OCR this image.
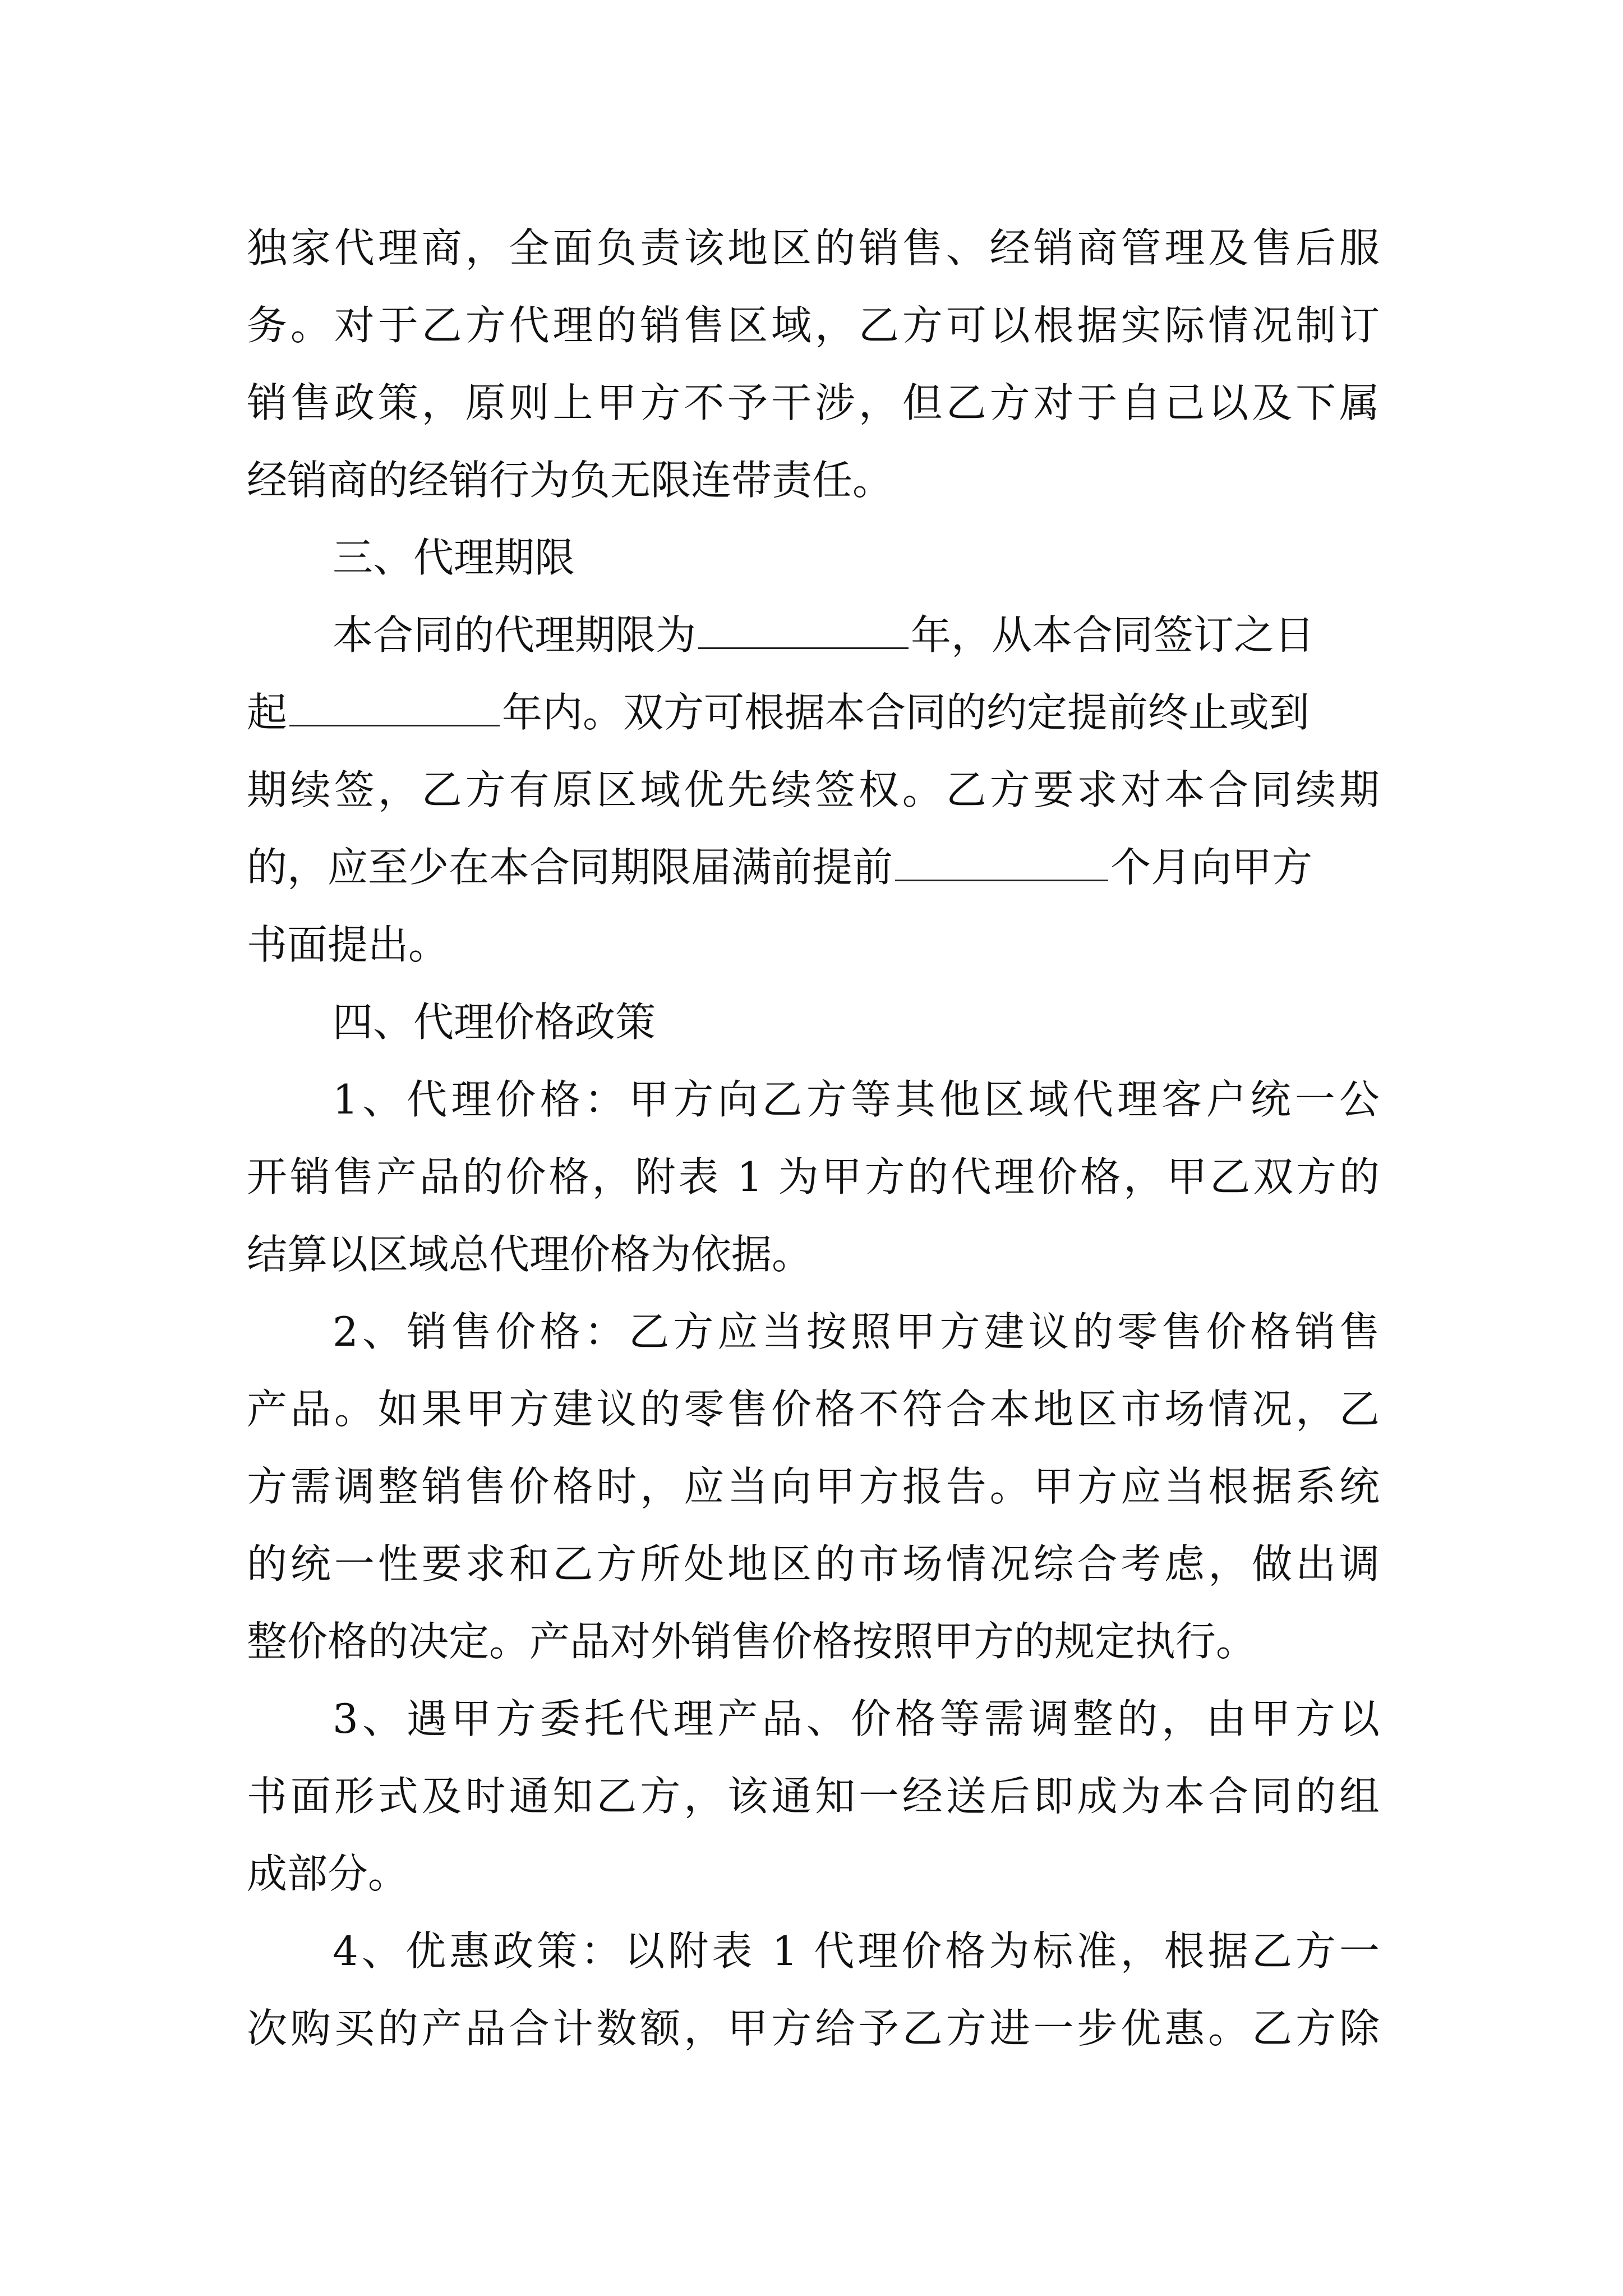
独家代理商，全面负责该地区的销售、经销商管理及售后服
务。对于乙方代理的销售区域，乙方可以根据实际情况制订
销售政策，原则上甲方不予干涉，但乙方对于自己以及下属
经销商的经销行为负无限连带责任。
三、代理期限
本合同的代理期限为	年，从本合同签订之日
起	年内。双方可根据本合同的约定提前终止或到
期续签，乙方有原区域优先续签权。乙方要求对本合同续期
的，应至少在本合同期限届满前提前	个月向甲方
书面提出。
四、代理价格政策
1、代理价格：甲方向乙方等其他区域代理客户统一公
开销售产品的价格，附表 1 为甲方的代理价格，甲乙双方的
结算以区域总代理价格为依据。
2、销售价格：乙方应当按照甲方建议的零售价格销售
产品。如果甲方建议的零售价格不符合本地区市场情况，乙
方需调整销售价格时，应当向甲方报告。甲方应当根据系统
的统一性要求和乙方所处地区的市场情况综合考虑，做出调
整价格的决定。产品对外销售价格按照甲方的规定执行。
3、遇甲方委托代理产品、价格等需调整的，由甲方以
书面形式及时通知乙方，该通知一经送后即成为本合同的组
成部分。
4、优惠政策：以附表 1 代理价格为标准，根据乙方一
次购买的产品合计数额，甲方给予乙方进一步优惠。乙方除
